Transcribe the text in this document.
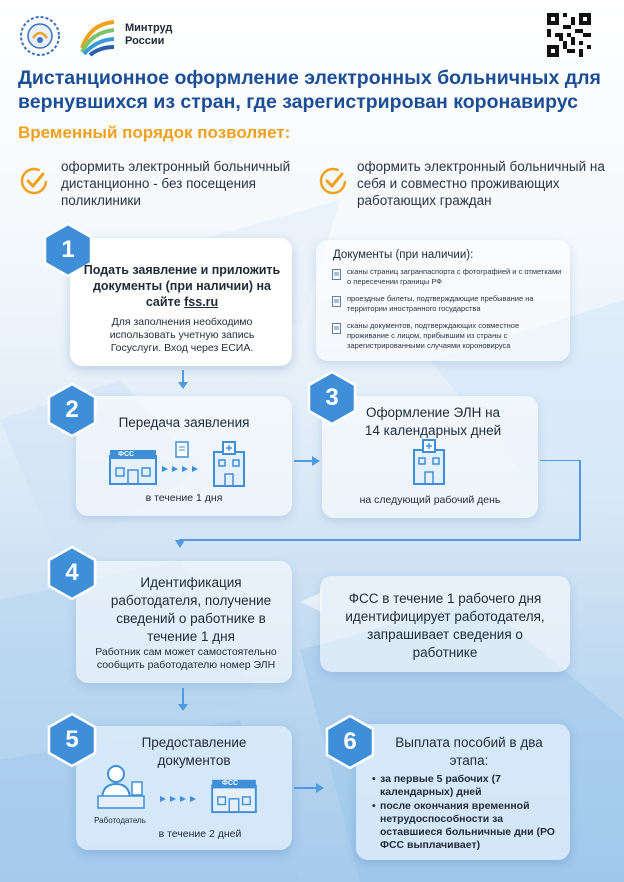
Минтруд
России
Дистанционное оформление электронных больничных для вернувшихся из стран, где зарегистрирован коронавирус
Временный порядок позволяет:
оформить электронный больничный дистанционно - без посещения поликлиники
оформить электронный больничный на себя и совместно проживающих работающих граждан
1
Подать заявление и приложить документы (при наличии) на сайте fss.ru
Для заполнения необходимо использовать учетную запись Госуслуги. Вход через ЕСИА.
Документы (при наличии):
сканы страниц загранпаспорта с фотографией и с отметками о пересечении границы РФ
проездные билеты, подтверждающие пребывание на территории иностранного государства
сканы документов, подтверждающих совместное проживание с лицом, прибывшим из страны с зарегистрированными случаями короновируса
2	Передача заявления
ФСС
в течение 1 дня
3
Оформление ЭЛН на 14 календарных дней
на следующий рабочий день
4	Идентификация работодателя, получение сведений о работнике в течение 1 дня
Работник сам может самостоятельно сообщить работодателю номер ЭЛН
ФСС в течение 1 рабочего дня идентифицирует работодателя, запрашивает сведения о работнике
5	Предоставление документов
Работодатель
ФСС
в течение 2 дней
6	Выплата пособий в два этапа:
• за первые 5 рабочих (7 календарных) дней
• после окончания временной нетрудоспособности за оставшиеся больничные дни (РО ФСС выплачивает)
